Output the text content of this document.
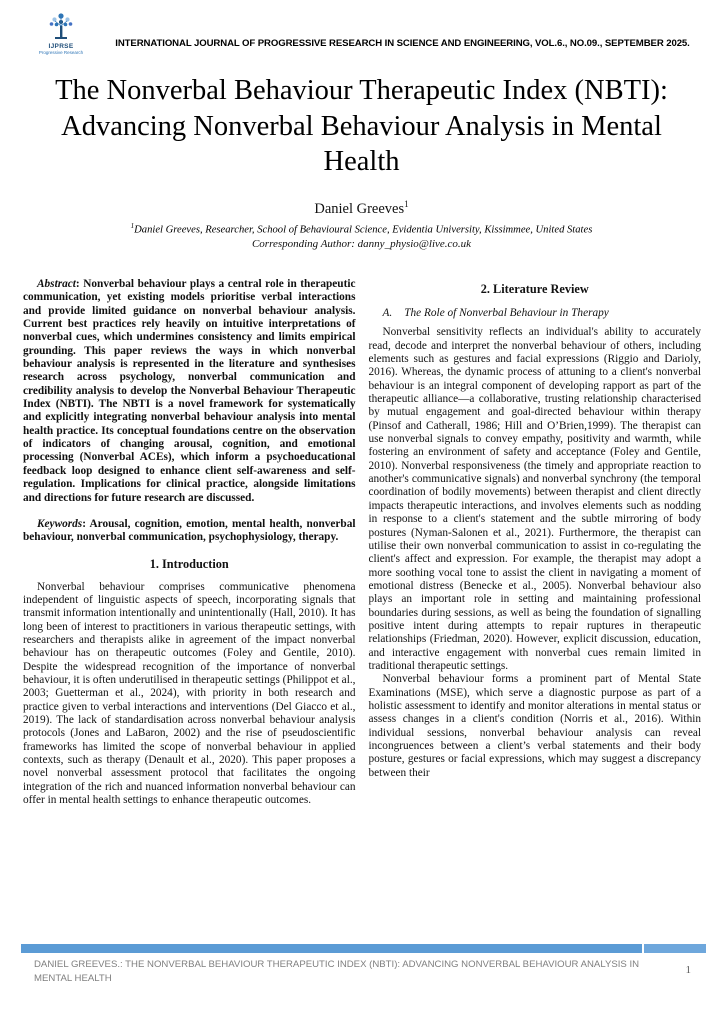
IJPRSE
Progressive Research
INTERNATIONAL JOURNAL OF PROGRESSIVE RESEARCH IN SCIENCE AND ENGINEERING, VOL.6., NO.09., SEPTEMBER 2025.
The Nonverbal Behaviour Therapeutic Index (NBTI): Advancing Nonverbal Behaviour Analysis in Mental Health
Daniel Greeves$^1$
$^1$Daniel Greeves, Researcher, School of Behavioural Science, Evidentia University, Kissimmee, United States
Corresponding Author: danny_physio@live.co.uk

Abstract: Nonverbal behaviour plays a central role in therapeutic communication, yet existing models prioritise verbal interactions and provide limited guidance on nonverbal behaviour analysis. Current best practices rely heavily on intuitive interpretations of nonverbal cues, which undermines consistency and limits empirical grounding. This paper reviews the ways in which nonverbal behaviour analysis is represented in the literature and synthesises research across psychology, nonverbal communication and credibility analysis to develop the Nonverbal Behaviour Therapeutic Index (NBTI). The NBTI is a novel framework for systematically and explicitly integrating nonverbal behaviour analysis into mental health practice. Its conceptual foundations centre on the observation of indicators of changing arousal, cognition, and emotional processing (Nonverbal ACEs), which inform a psychoeducational feedback loop designed to enhance client self-awareness and self-regulation. Implications for clinical practice, alongside limitations and directions for future research are discussed.

Keywords: Arousal, cognition, emotion, mental health, nonverbal behaviour, nonverbal communication, psychophysiology, therapy.

1. Introduction

Nonverbal behaviour comprises communicative phenomena independent of linguistic aspects of speech, incorporating signals that transmit information intentionally and unintentionally (Hall, 2010). It has long been of interest to practitioners in various therapeutic settings, with researchers and therapists alike in agreement of the impact nonverbal behaviour has on therapeutic outcomes (Foley and Gentile, 2010). Despite the widespread recognition of the importance of nonverbal behaviour, it is often underutilised in therapeutic settings (Philippot et al., 2003; Guetterman et al., 2024), with priority in both research and practice given to verbal interactions and interventions (Del Giacco et al., 2019). The lack of standardisation across nonverbal behaviour analysis protocols (Jones and LaBaron, 2002) and the rise of pseudoscientific frameworks has limited the scope of nonverbal behaviour in applied contexts, such as therapy (Denault et al., 2020). This paper proposes a novel nonverbal assessment protocol that facilitates the ongoing integration of the rich and nuanced information nonverbal behaviour can offer in mental health settings to enhance therapeutic outcomes.

2. Literature Review

A. The Role of Nonverbal Behaviour in Therapy

Nonverbal sensitivity reflects an individual's ability to accurately read, decode and interpret the nonverbal behaviour of others, including elements such as gestures and facial expressions (Riggio and Darioly, 2016). Whereas, the dynamic process of attuning to a client's nonverbal behaviour is an integral component of developing rapport as part of the therapeutic alliance—a collaborative, trusting relationship characterised by mutual engagement and goal-directed behaviour within therapy (Pinsof and Catherall, 1986; Hill and O’Brien,1999). The therapist can use nonverbal signals to convey empathy, positivity and warmth, while fostering an environment of safety and acceptance (Foley and Gentile, 2010). Nonverbal responsiveness (the timely and appropriate reaction to another's communicative signals) and nonverbal synchrony (the temporal coordination of bodily movements) between therapist and client directly impacts therapeutic interactions, and involves elements such as nodding in response to a client's statement and the subtle mirroring of body postures (Nyman-Salonen et al., 2021). Furthermore, the therapist can utilise their own nonverbal communication to assist in co-regulating the client's affect and expression. For example, the therapist may adopt a more soothing vocal tone to assist the client in navigating a moment of emotional distress (Benecke et al., 2005). Nonverbal behaviour also plays an important role in setting and maintaining professional boundaries during sessions, as well as being the foundation of signalling positive intent during attempts to repair ruptures in therapeutic relationships (Friedman, 2020). However, explicit discussion, education, and interactive engagement with nonverbal cues remain limited in traditional therapeutic settings.

Nonverbal behaviour forms a prominent part of Mental State Examinations (MSE), which serve a diagnostic purpose as part of a holistic assessment to identify and monitor alterations in mental status or assess changes in a client's condition (Norris et al., 2016). Within individual sessions, nonverbal behaviour analysis can reveal incongruences between a client’s verbal statements and their body posture, gestures or facial expressions, which may suggest a discrepancy between their

DANIEL GREEVES.: THE NONVERBAL BEHAVIOUR THERAPEUTIC INDEX (NBTI): ADVANCING NONVERBAL BEHAVIOUR ANALYSIS IN MENTAL HEALTH
1
